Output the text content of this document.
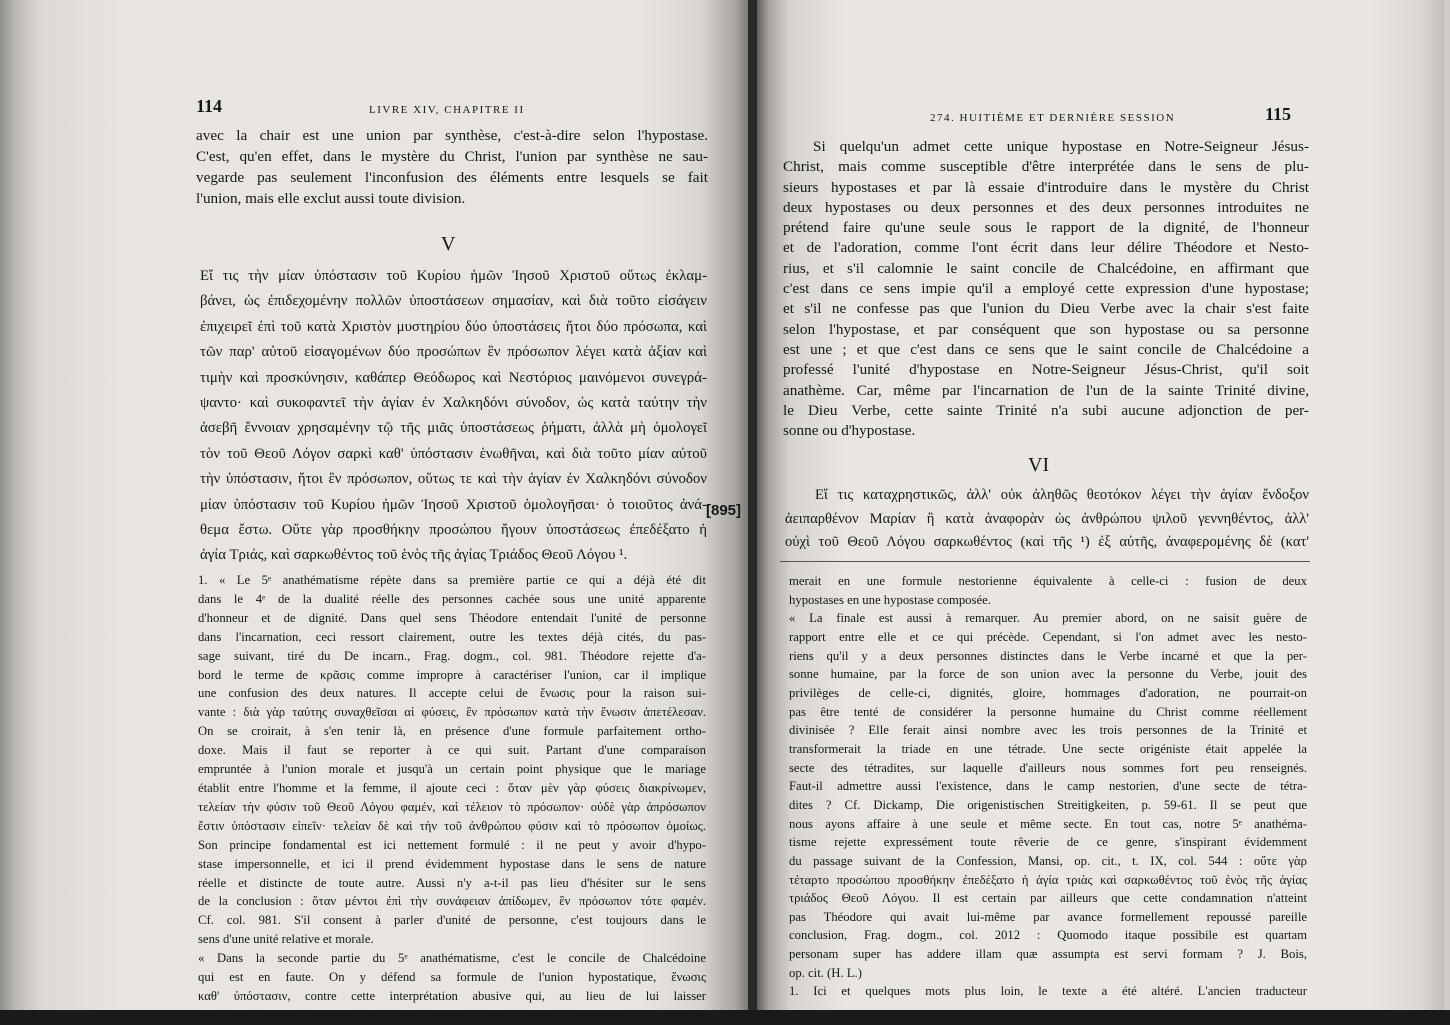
114	LIVRE XIV, CHAPITRE II
avec la chair est une union par synthèse, c'est-à-dire selon l'hypostase.
C'est, qu'en effet, dans le mystère du Christ, l'union par synthèse ne sau-
vegarde pas seulement l'inconfusion des éléments entre lesquels se fait
l'union, mais elle exclut aussi toute division.
V
Εἴ τις τὴν μίαν ὑπόστασιν τοῦ Κυρίου ἡμῶν Ἰησοῦ Χριστοῦ οὕτως ἐκλαμ-
βάνει, ὡς ἐπιδεχομένην πολλῶν ὑποστάσεων σημασίαν, καὶ διὰ τοῦτο εἰσάγειν
ἐπιχειρεῖ ἐπὶ τοῦ κατὰ Χριστὸν μυστηρίου δύο ὑποστάσεις ἤτοι δύο πρόσωπα, καὶ
τῶν παρ' αὐτοῦ εἰσαγομένων δύο προσώπων ἓν πρόσωπον λέγει κατὰ ἀξίαν καὶ
τιμὴν καὶ προσκύνησιν, καθάπερ Θεόδωρος καὶ Νεστόριος μαινόμενοι συνεγρά-
ψαντο· καὶ συκοφαντεῖ τὴν ἁγίαν ἐν Χαλκηδόνι σύνοδον, ὡς κατὰ ταύτην τὴν
ἀσεβῆ ἔννοιαν χρησαμένην τῷ τῆς μιᾶς ὑποστάσεως ῥήματι, ἀλλὰ μὴ ὁμολογεῖ
τὸν τοῦ Θεοῦ Λόγον σαρκὶ καθ' ὑπόστασιν ἑνωθῆναι, καὶ διὰ τοῦτο μίαν αὐτοῦ
τὴν ὑπόστασιν, ἤτοι ἓν πρόσωπον, οὕτως τε καὶ τὴν ἁγίαν ἐν Χαλκηδόνι σύνοδον
μίαν ὑπόστασιν τοῦ Κυρίου ἡμῶν Ἰησοῦ Χριστοῦ ὁμολογῆσαι· ὁ τοιοῦτος ἀνά-
θεμα ἔστω. Οὔτε γὰρ προσθήκην προσώπου ἤγουν ὑποστάσεως ἐπεδέξατο ἡ
ἁγία Τριάς, καὶ σαρκωθέντος τοῦ ἑνὸς τῆς ἁγίας Τριάδος Θεοῦ Λόγου ¹.
[895]
1. « Le 5ᵉ anathématisme répète dans sa première partie ce qui a déjà été dit
dans le 4ᵉ de la dualité réelle des personnes cachée sous une unité apparente
d'honneur et de dignité. Dans quel sens Théodore entendait l'unité de personne
dans l'incarnation, ceci ressort clairement, outre les textes déjà cités, du pas-
sage suivant, tiré du De incarn., Frag. dogm., col. 981. Théodore rejette d'a-
bord le terme de κρᾶσις comme impropre à caractériser l'union, car il implique
une confusion des deux natures. Il accepte celui de ἕνωσις pour la raison sui-
vante : διὰ γὰρ ταύτης συναχθεῖσαι αἱ φύσεις, ἓν πρόσωπον κατὰ τὴν ἕνωσιν ἀπετέλεσαν.
On se croirait, à s'en tenir là, en présence d'une formule parfaitement ortho-
doxe. Mais il faut se reporter à ce qui suit. Partant d'une comparaison
empruntée à l'union morale et jusqu'à un certain point physique que le mariage
établit entre l'homme et la femme, il ajoute ceci : ὅταν μὲν γὰρ φύσεις διακρίνωμεν,
τελείαν τὴν φύσιν τοῦ Θεοῦ Λόγου φαμέν, καὶ τέλειον τὸ πρόσωπον· οὐδὲ γὰρ ἀπρόσωπον
ἔστιν ὑπόστασιν εἰπεῖν· τελείαν δὲ καὶ τὴν τοῦ ἀνθρώπου φύσιν καὶ τὸ πρόσωπον ὁμοίως.
Son principe fondamental est ici nettement formulé : il ne peut y avoir d'hypo-
stase impersonnelle, et ici il prend évidemment hypostase dans le sens de nature
réelle et distincte de toute autre. Aussi n'y a-t-il pas lieu d'hésiter sur le sens
de la conclusion : ὅταν μέντοι ἐπὶ τὴν συνάφειαν ἀπίδωμεν, ἓν πρόσωπον τότε φαμέν.
Cf. col. 981. S'il consent à parler d'unité de personne, c'est toujours dans le
sens d'une unité relative et morale.
« Dans la seconde partie du 5ᵉ anathématisme, c'est le concile de Chalcédoine
qui est en faute. On y défend sa formule de l'union hypostatique, ἕνωσις
καθ' ὑπόστασιν, contre cette interprétation abusive qui, au lieu de lui laisser
son sens naturel d'union des deux natures dans l'unité d'hypostase, la transfor-
274. HUITIÈME ET DERNIÈRE SESSION	115
Si quelqu'un admet cette unique hypostase en Notre-Seigneur Jésus-
Christ, mais comme susceptible d'être interprétée dans le sens de plu-
sieurs hypostases et par là essaie d'introduire dans le mystère du Christ
deux hypostases ou deux personnes et des deux personnes introduites ne
prétend faire qu'une seule sous le rapport de la dignité, de l'honneur
et de l'adoration, comme l'ont écrit dans leur délire Théodore et Nesto-
rius, et s'il calomnie le saint concile de Chalcédoine, en affirmant que
c'est dans ce sens impie qu'il a employé cette expression d'une hypostase;
et s'il ne confesse pas que l'union du Dieu Verbe avec la chair s'est faite
selon l'hypostase, et par conséquent que son hypostase ou sa personne
est une ; et que c'est dans ce sens que le saint concile de Chalcédoine a
professé l'unité d'hypostase en Notre-Seigneur Jésus-Christ, qu'il soit
anathème. Car, même par l'incarnation de l'un de la sainte Trinité divine,
le Dieu Verbe, cette sainte Trinité n'a subi aucune adjonction de per-
sonne ou d'hypostase.
VI
Εἴ τις καταχρηστικῶς, ἀλλ' οὐκ ἀληθῶς θεοτόκον λέγει τὴν ἁγίαν ἔνδοξον
ἀειπαρθένον Μαρίαν ἢ κατὰ ἀναφορὰν ὡς ἀνθρώπου ψιλοῦ γεννηθέντος, ἀλλ'
οὐχὶ τοῦ Θεοῦ Λόγου σαρκωθέντος (καὶ τῆς ¹) ἐξ αὐτῆς, ἀναφερομένης δὲ (κατ'
merait en une formule nestorienne équivalente à celle-ci : fusion de deux
hypostases en une hypostase composée.
« La finale est aussi à remarquer. Au premier abord, on ne saisit guère de
rapport entre elle et ce qui précède. Cependant, si l'on admet avec les nesto-
riens qu'il y a deux personnes distinctes dans le Verbe incarné et que la per-
sonne humaine, par la force de son union avec la personne du Verbe, jouit des
privilèges de celle-ci, dignités, gloire, hommages d'adoration, ne pourrait-on
pas être tenté de considérer la personne humaine du Christ comme réellement
divinisée ? Elle ferait ainsi nombre avec les trois personnes de la Trinité et
transformerait la triade en une tétrade. Une secte origéniste était appelée la
secte des tétradites, sur laquelle d'ailleurs nous sommes fort peu renseignés.
Faut-il admettre aussi l'existence, dans le camp nestorien, d'une secte de tétra-
dites ? Cf. Dickamp, Die origenistischen Streitigkeiten, p. 59-61. Il se peut que
nous ayons affaire à une seule et même secte. En tout cas, notre 5ᵉ anathéma-
tisme rejette expressément toute rêverie de ce genre, s'inspirant évidemment
du passage suivant de la Confession, Mansi, op. cit., t. IX, col. 544 : οὔτε γὰρ
τέταρτο προσώπου προσθήκην ἐπεδέξατο ἡ ἁγία τριὰς καὶ σαρκωθέντος τοῦ ἑνὸς τῆς ἁγίας
τριάδος Θεοῦ Λόγου. Il est certain par ailleurs que cette condamnation n'atteint
pas Théodore qui avait lui-même par avance formellement repoussé pareille
conclusion, Frag. dogm., col. 2012 : Quomodo itaque possibile est quartam
personam super has addere illam quæ assumpta est servi formam ? J. Bois,
op. cit. (H. L.)
1. Ici et quelques mots plus loin, le texte a été altéré. L'ancien traducteur
